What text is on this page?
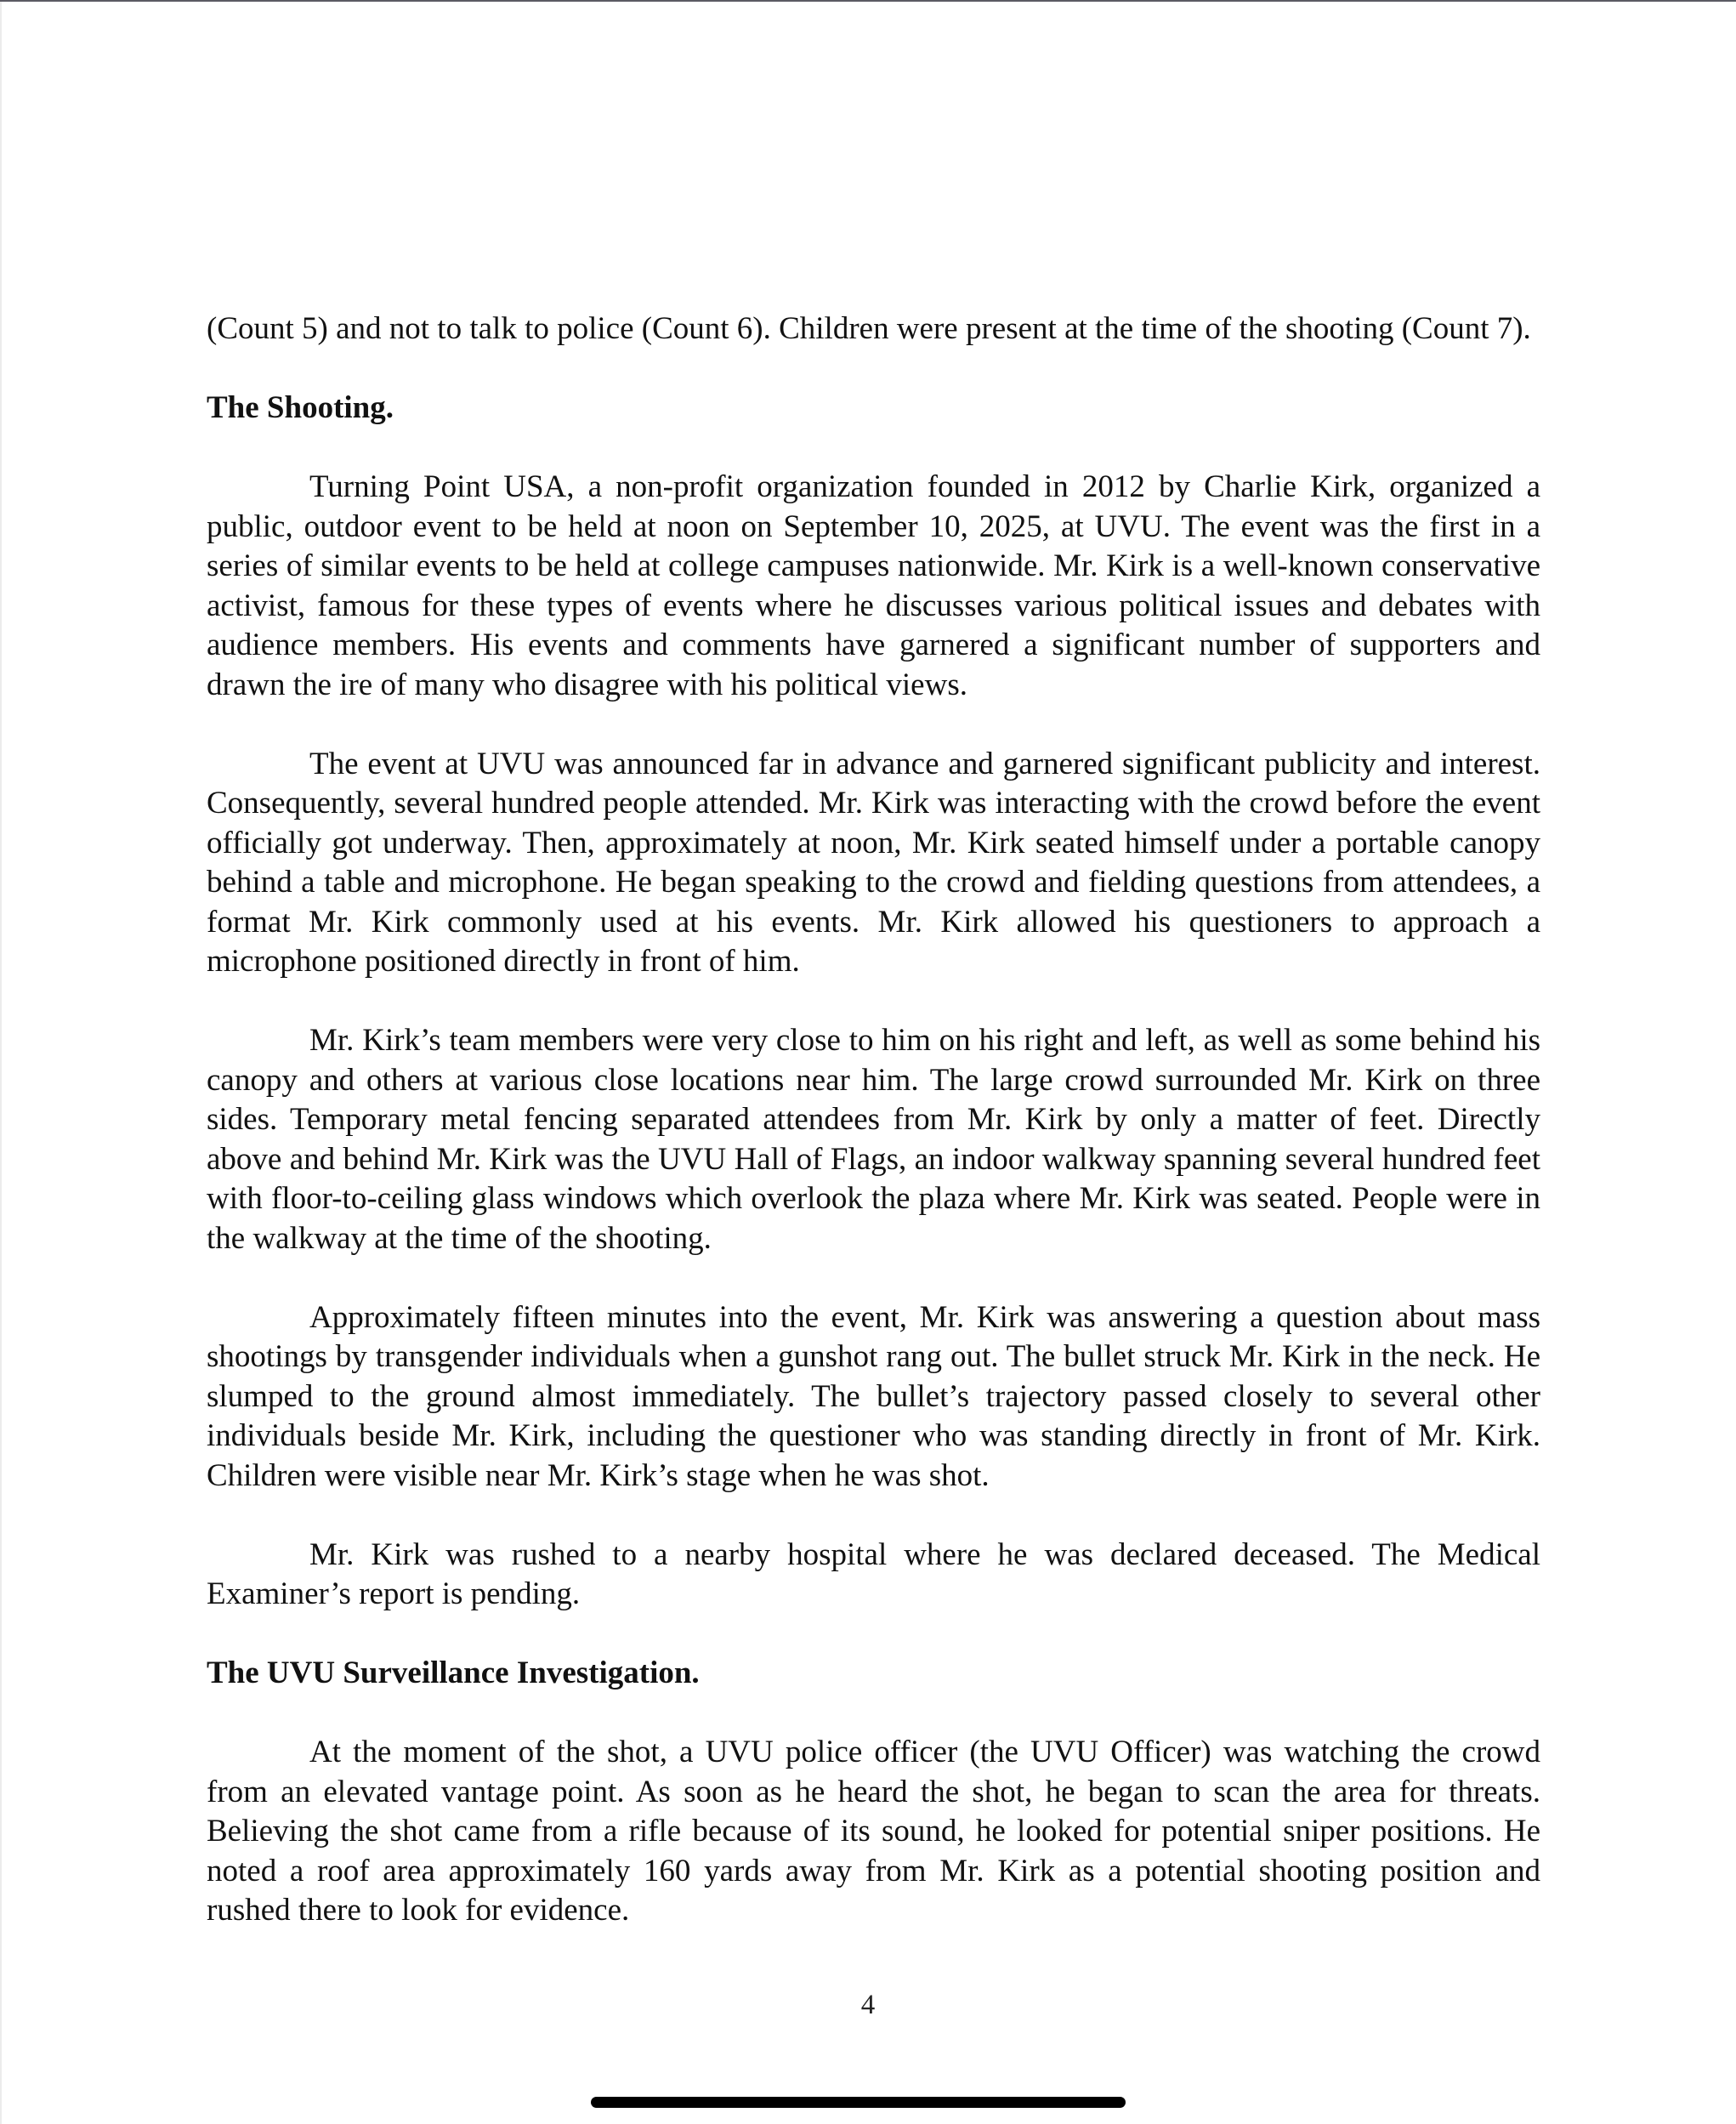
(Count 5) and not to talk to police (Count 6). Children were present at the time of the shooting (Count 7).

The Shooting.

Turning Point USA, a non-profit organization founded in 2012 by Charlie Kirk, organized a public, outdoor event to be held at noon on September 10, 2025, at UVU. The event was the first in a series of similar events to be held at college campuses nationwide. Mr. Kirk is a well-known conservative activist, famous for these types of events where he discusses various political issues and debates with audience members. His events and comments have garnered a significant number of supporters and drawn the ire of many who disagree with his political views.

The event at UVU was announced far in advance and garnered significant publicity and interest. Consequently, several hundred people attended. Mr. Kirk was interacting with the crowd before the event officially got underway. Then, approximately at noon, Mr. Kirk seated himself under a portable canopy behind a table and microphone. He began speaking to the crowd and fielding questions from attendees, a format Mr. Kirk commonly used at his events. Mr. Kirk allowed his questioners to approach a microphone positioned directly in front of him.

Mr. Kirk’s team members were very close to him on his right and left, as well as some behind his canopy and others at various close locations near him. The large crowd surrounded Mr. Kirk on three sides. Temporary metal fencing separated attendees from Mr. Kirk by only a matter of feet. Directly above and behind Mr. Kirk was the UVU Hall of Flags, an indoor walkway spanning several hundred feet with floor-to-ceiling glass windows which overlook the plaza where Mr. Kirk was seated. People were in the walkway at the time of the shooting.

Approximately fifteen minutes into the event, Mr. Kirk was answering a question about mass shootings by transgender individuals when a gunshot rang out. The bullet struck Mr. Kirk in the neck. He slumped to the ground almost immediately. The bullet’s trajectory passed closely to several other individuals beside Mr. Kirk, including the questioner who was standing directly in front of Mr. Kirk. Children were visible near Mr. Kirk’s stage when he was shot.

Mr. Kirk was rushed to a nearby hospital where he was declared deceased. The Medical Examiner’s report is pending.

The UVU Surveillance Investigation.

At the moment of the shot, a UVU police officer (the UVU Officer) was watching the crowd from an elevated vantage point. As soon as he heard the shot, he began to scan the area for threats. Believing the shot came from a rifle because of its sound, he looked for potential sniper positions. He noted a roof area approximately 160 yards away from Mr. Kirk as a potential shooting position and rushed there to look for evidence.

4
